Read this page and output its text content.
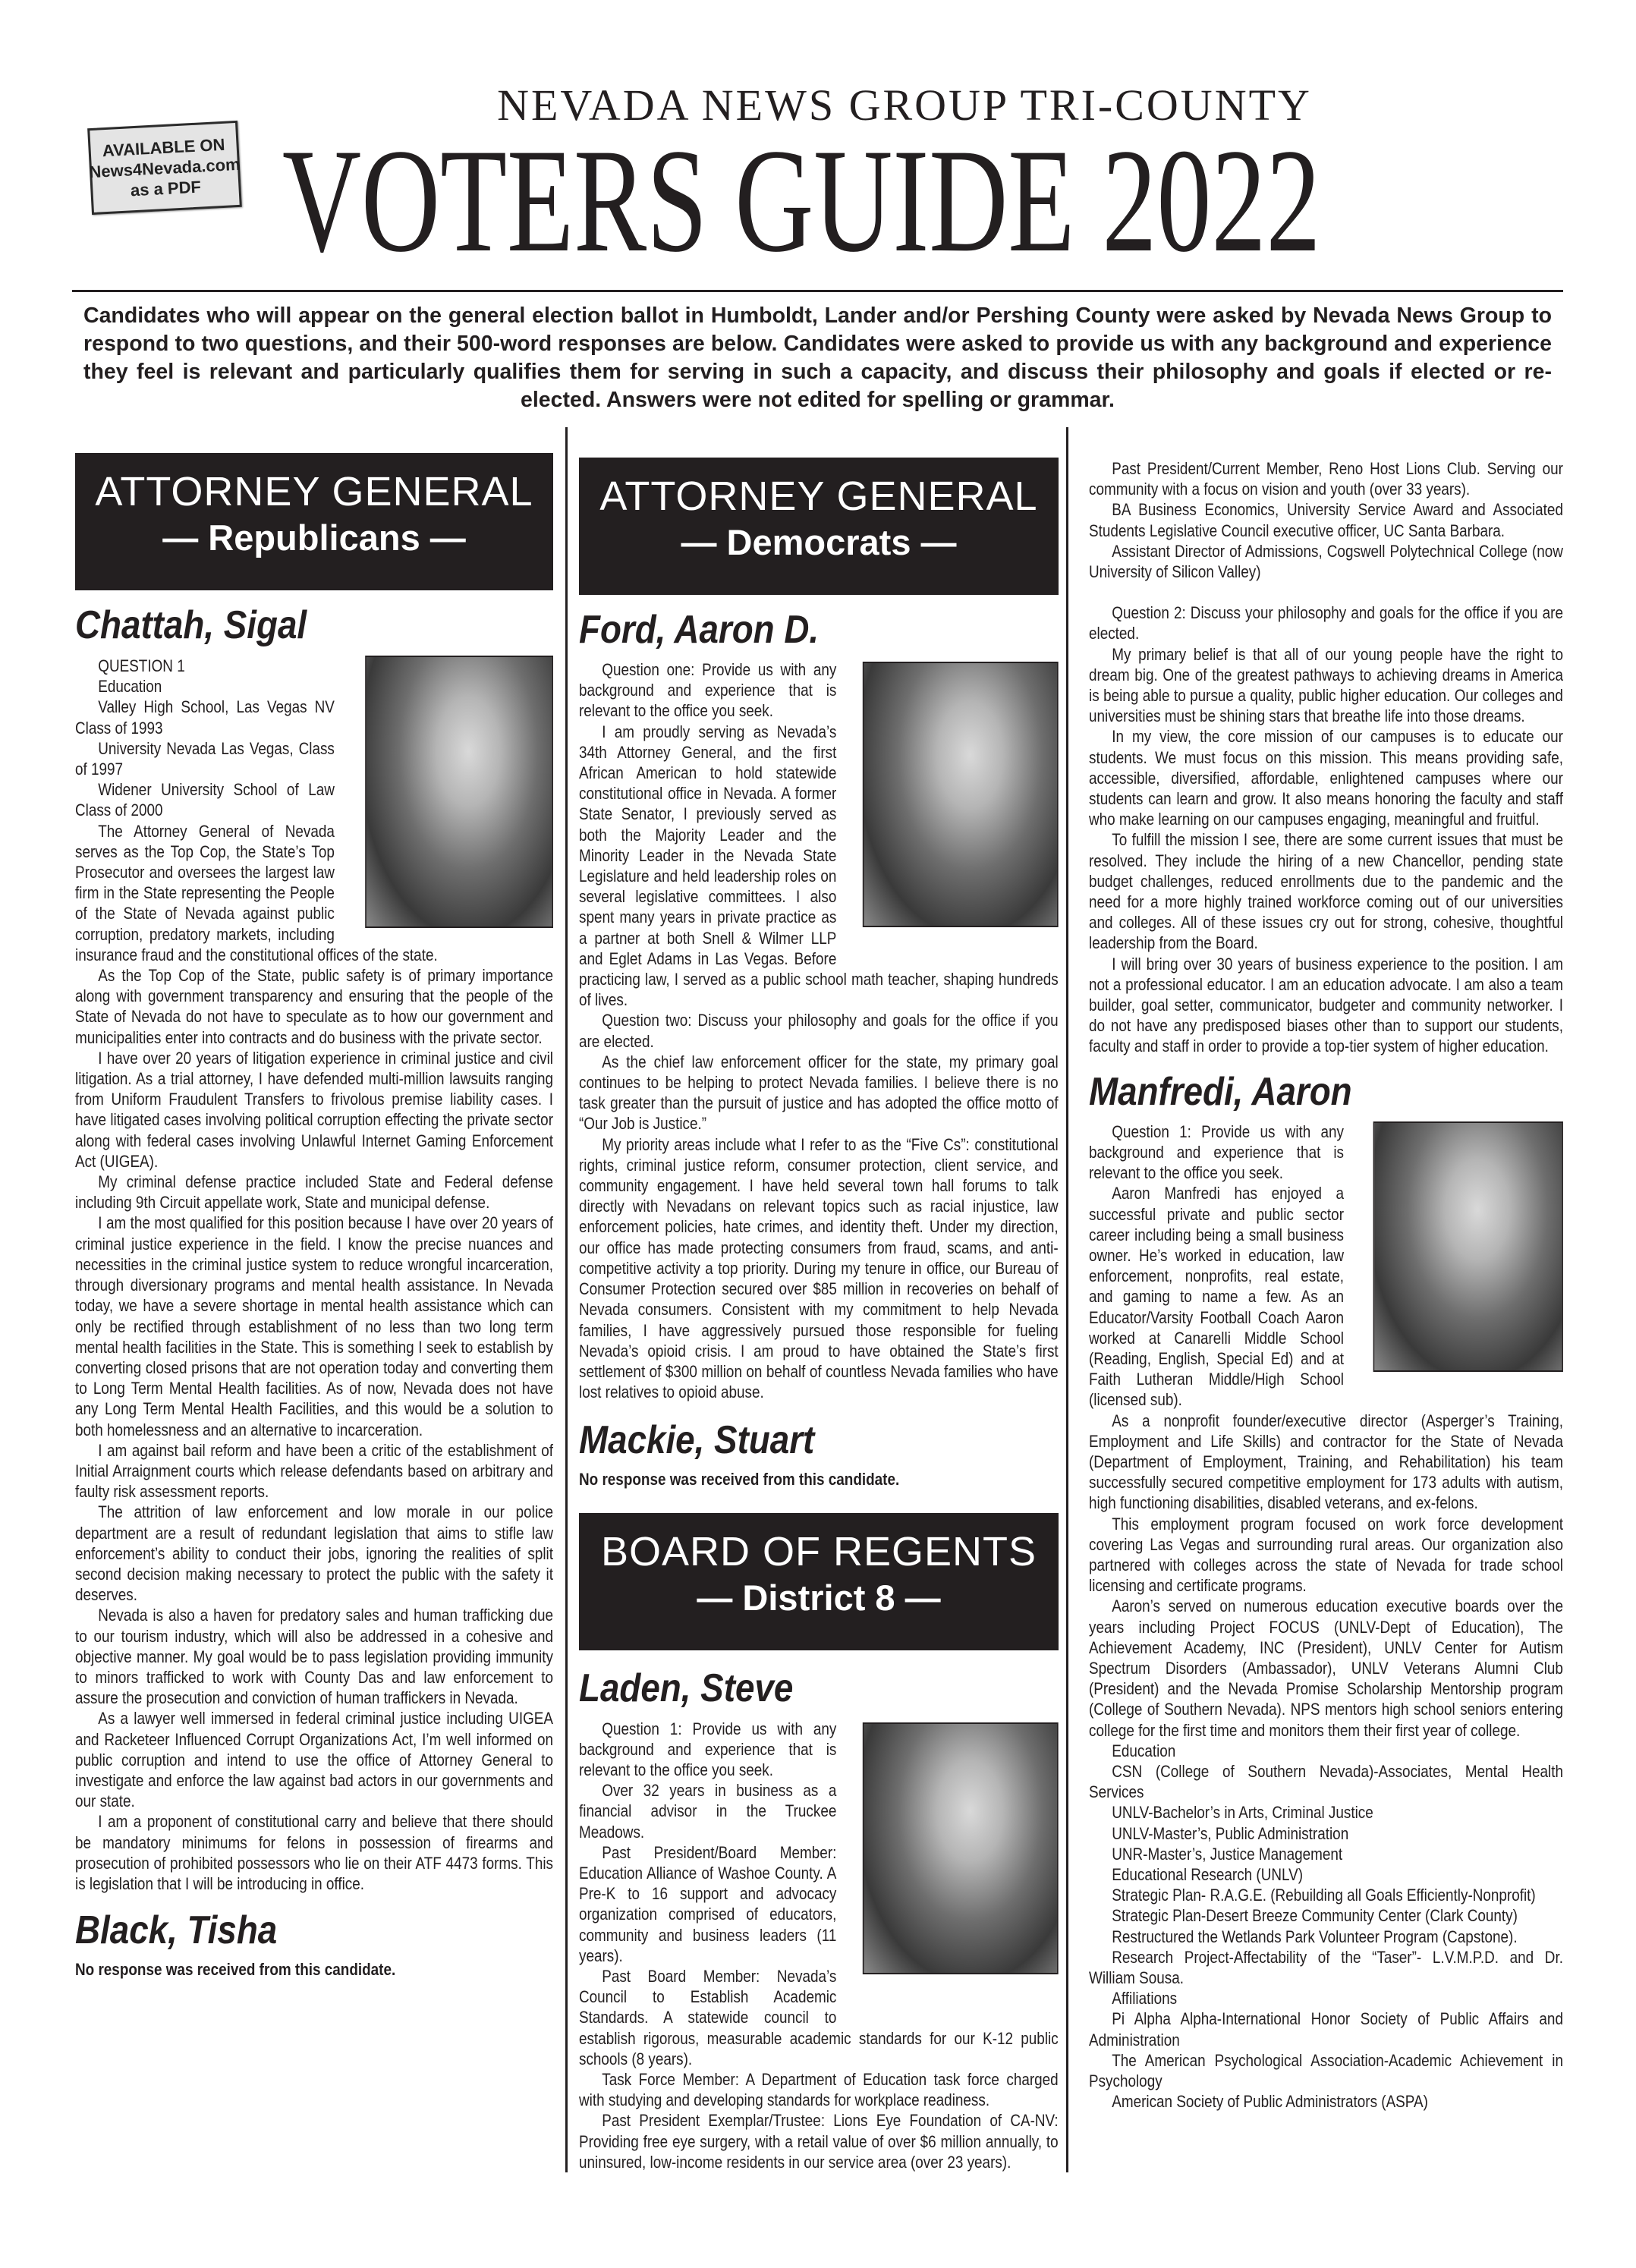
AVAILABLE ON
News4Nevada.com
as a PDF
NEVADA NEWS GROUP TRI-COUNTY
VOTERS GUIDE 2022
Candidates who will appear on the general election ballot in Humboldt, Lander and/or Pershing County were asked by Nevada News Group to respond to two questions, and their 500-word responses are below. Candidates were asked to provide us with any background and experience they feel is relevant and particularly qualifies them for serving in such a capacity, and discuss their philosophy and goals if elected or re-elected. Answers were not edited for spelling or grammar.
ATTORNEY GENERAL
— Republicans —
Chattah, Sigal

QUESTION 1

Education

Valley High School, Las Vegas NV Class of 1993

University Nevada Las Vegas, Class of 1997

Widener University School of Law Class of 2000

The Attorney General of Nevada serves as the Top Cop, the State’s Top Prosecutor and oversees the largest law firm in the State representing the People of the State of Nevada against public corruption, predatory markets, including insurance fraud and the constitutional offices of the state.

As the Top Cop of the State, public safety is of primary importance along with government transparency and ensuring that the people of the State of Nevada do not have to speculate as to how our government and municipalities enter into contracts and do business with the private sector.

I have over 20 years of litigation experience in criminal justice and civil litigation. As a trial attorney, I have defended multi-million lawsuits ranging from Uniform Fraudulent Transfers to frivolous premise liability cases. I have litigated cases involving political corruption effecting the private sector along with federal cases involving Unlawful Internet Gaming Enforcement Act (UIGEA).

My criminal defense practice included State and Federal defense including 9th Circuit appellate work, State and municipal defense.

I am the most qualified for this position because I have over 20 years of criminal justice experience in the field. I know the precise nuances and necessities in the criminal justice system to reduce wrongful incarceration, through diversionary programs and mental health assistance. In Nevada today, we have a severe shortage in mental health assistance which can only be rectified through establishment of no less than two long term mental health facilities in the State. This is something I seek to establish by converting closed prisons that are not operation today and converting them to Long Term Mental Health facilities. As of now, Nevada does not have any Long Term Mental Health Facilities, and this would be a solution to both homelessness and an alternative to incarceration.

I am against bail reform and have been a critic of the establishment of Initial Arraignment courts which release defendants based on arbitrary and faulty risk assessment reports.

The attrition of law enforcement and low morale in our police department are a result of redundant legislation that aims to stifle law enforcement’s ability to conduct their jobs, ignoring the realities of split second decision making necessary to protect the public with the safety it deserves.

Nevada is also a haven for predatory sales and human trafficking due to our tourism industry, which will also be addressed in a cohesive and objective manner. My goal would be to pass legislation providing immunity to minors trafficked to work with County Das and law enforcement to assure the prosecution and conviction of human traffickers in Nevada.

As a lawyer well immersed in federal criminal justice including UIGEA and Racketeer Influenced Corrupt Organizations Act, I’m well informed on public corruption and intend to use the office of Attorney General to investigate and enforce the law against bad actors in our governments and our state.

I am a proponent of constitutional carry and believe that there should be mandatory minimums for felons in possession of firearms and prosecution of prohibited possessors who lie on their ATF 4473 forms. This is legislation that I will be introducing in office.

Black, Tisha
No response was received from this candidate.
ATTORNEY GENERAL
— Democrats —
Ford, Aaron D.

Question one: Provide us with any background and experience that is relevant to the office you seek.

I am proudly serving as Nevada’s 34th Attorney General, and the first African American to hold statewide constitutional office in Nevada. A former State Senator, I previously served as both the Majority Leader and the Minority Leader in the Nevada State Legislature and held leadership roles on several legislative committees. I also spent many years in private practice as a partner at both Snell & Wilmer LLP and Eglet Adams in Las Vegas. Before practicing law, I served as a public school math teacher, shaping hundreds of lives.

Question two: Discuss your philosophy and goals for the office if you are elected.

As the chief law enforcement officer for the state, my primary goal continues to be helping to protect Nevada families. I believe there is no task greater than the pursuit of justice and has adopted the office motto of “Our Job is Justice.”

My priority areas include what I refer to as the “Five Cs”: constitutional rights, criminal justice reform, consumer protection, client service, and community engagement. I have held several town hall forums to talk directly with Nevadans on relevant topics such as racial injustice, law enforcement policies, hate crimes, and identity theft. Under my direction, our office has made protecting consumers from fraud, scams, and anti-competitive activity a top priority. During my tenure in office, our Bureau of Consumer Protection secured over $85 million in recoveries on behalf of Nevada consumers. Consistent with my commitment to help Nevada families, I have aggressively pursued those responsible for fueling Nevada’s opioid crisis. I am proud to have obtained the State’s first settlement of $300 million on behalf of countless Nevada families who have lost relatives to opioid abuse.

Mackie, Stuart
No response was received from this candidate.
BOARD OF REGENTS
— District 8 —
Laden, Steve

Question 1: Provide us with any background and experience that is relevant to the office you seek.

Over 32 years in business as a financial advisor in the Truckee Meadows.

Past President/Board Member: Education Alliance of Washoe County. A Pre-K to 16 support and advocacy organization comprised of educators, community and business leaders (11 years).

Past Board Member: Nevada’s Council to Establish Academic Standards. A statewide council to establish rigorous, measurable academic standards for our K-12 public schools (8 years).

Task Force Member: A Department of Education task force charged with studying and developing standards for workplace readiness.

Past President Exemplar/Trustee: Lions Eye Foundation of CA-NV: Providing free eye surgery, with a retail value of over $6 million annually, to uninsured, low-income residents in our service area (over 23 years).

Past President/Current Member, Reno Host Lions Club. Serving our community with a focus on vision and youth (over 33 years).

BA Business Economics, University Service Award and Associated Students Legislative Council executive officer, UC Santa Barbara.

Assistant Director of Admissions, Cogswell Polytechnical College (now University of Silicon Valley)

Question 2: Discuss your philosophy and goals for the office if you are elected.

My primary belief is that all of our young people have the right to dream big. One of the greatest pathways to achieving dreams in America is being able to pursue a quality, public higher education. Our colleges and universities must be shining stars that breathe life into those dreams.

In my view, the core mission of our campuses is to educate our students. We must focus on this mission. This means providing safe, accessible, diversified, affordable, enlightened campuses where our students can learn and grow. It also means honoring the faculty and staff who make learning on our campuses engaging, meaningful and fruitful.

To fulfill the mission I see, there are some current issues that must be resolved. They include the hiring of a new Chancellor, pending state budget challenges, reduced enrollments due to the pandemic and the need for a more highly trained workforce coming out of our universities and colleges. All of these issues cry out for strong, cohesive, thoughtful leadership from the Board.

I will bring over 30 years of business experience to the position. I am not a professional educator. I am an education advocate. I am also a team builder, goal setter, communicator, budgeter and community networker. I do not have any predisposed biases other than to support our students, faculty and staff in order to provide a top-tier system of higher education.

Manfredi, Aaron

Question 1: Provide us with any background and experience that is relevant to the office you seek.

Aaron Manfredi has enjoyed a successful private and public sector career including being a small business owner. He’s worked in education, law enforcement, nonprofits, real estate, and gaming to name a few. As an Educator/Varsity Football Coach Aaron worked at Canarelli Middle School (Reading, English, Special Ed) and at Faith Lutheran Middle/High School (licensed sub).

As a nonprofit founder/executive director (Asperger’s Training, Employment and Life Skills) and contractor for the State of Nevada (Department of Employment, Training, and Rehabilitation) his team successfully secured competitive employment for 173 adults with autism, high functioning disabilities, disabled veterans, and ex-felons.

This employment program focused on work force development covering Las Vegas and surrounding rural areas. Our organization also partnered with colleges across the state of Nevada for trade school licensing and certificate programs.

Aaron’s served on numerous education executive boards over the years including Project FOCUS (UNLV-Dept of Education), The Achievement Academy, INC (President), UNLV Center for Autism Spectrum Disorders (Ambassador), UNLV Veterans Alumni Club (President) and the Nevada Promise Scholarship Mentorship program (College of Southern Nevada). NPS mentors high school seniors entering college for the first time and monitors them their first year of college.

Education

CSN (College of Southern Nevada)-Associates, Mental Health Services

UNLV-Bachelor’s in Arts, Criminal Justice

UNLV-Master’s, Public Administration

UNR-Master’s, Justice Management

Educational Research (UNLV)

Strategic Plan- R.A.G.E. (Rebuilding all Goals Efficiently-Nonprofit)

Strategic Plan-Desert Breeze Community Center (Clark County)

Restructured the Wetlands Park Volunteer Program (Capstone).

Research Project-Affectability of the “Taser”- L.V.M.P.D. and Dr. William Sousa.

Affiliations

Pi Alpha Alpha-International Honor Society of Public Affairs and Administration

The American Psychological Association-Academic Achievement in Psychology

American Society of Public Administrators (ASPA)
